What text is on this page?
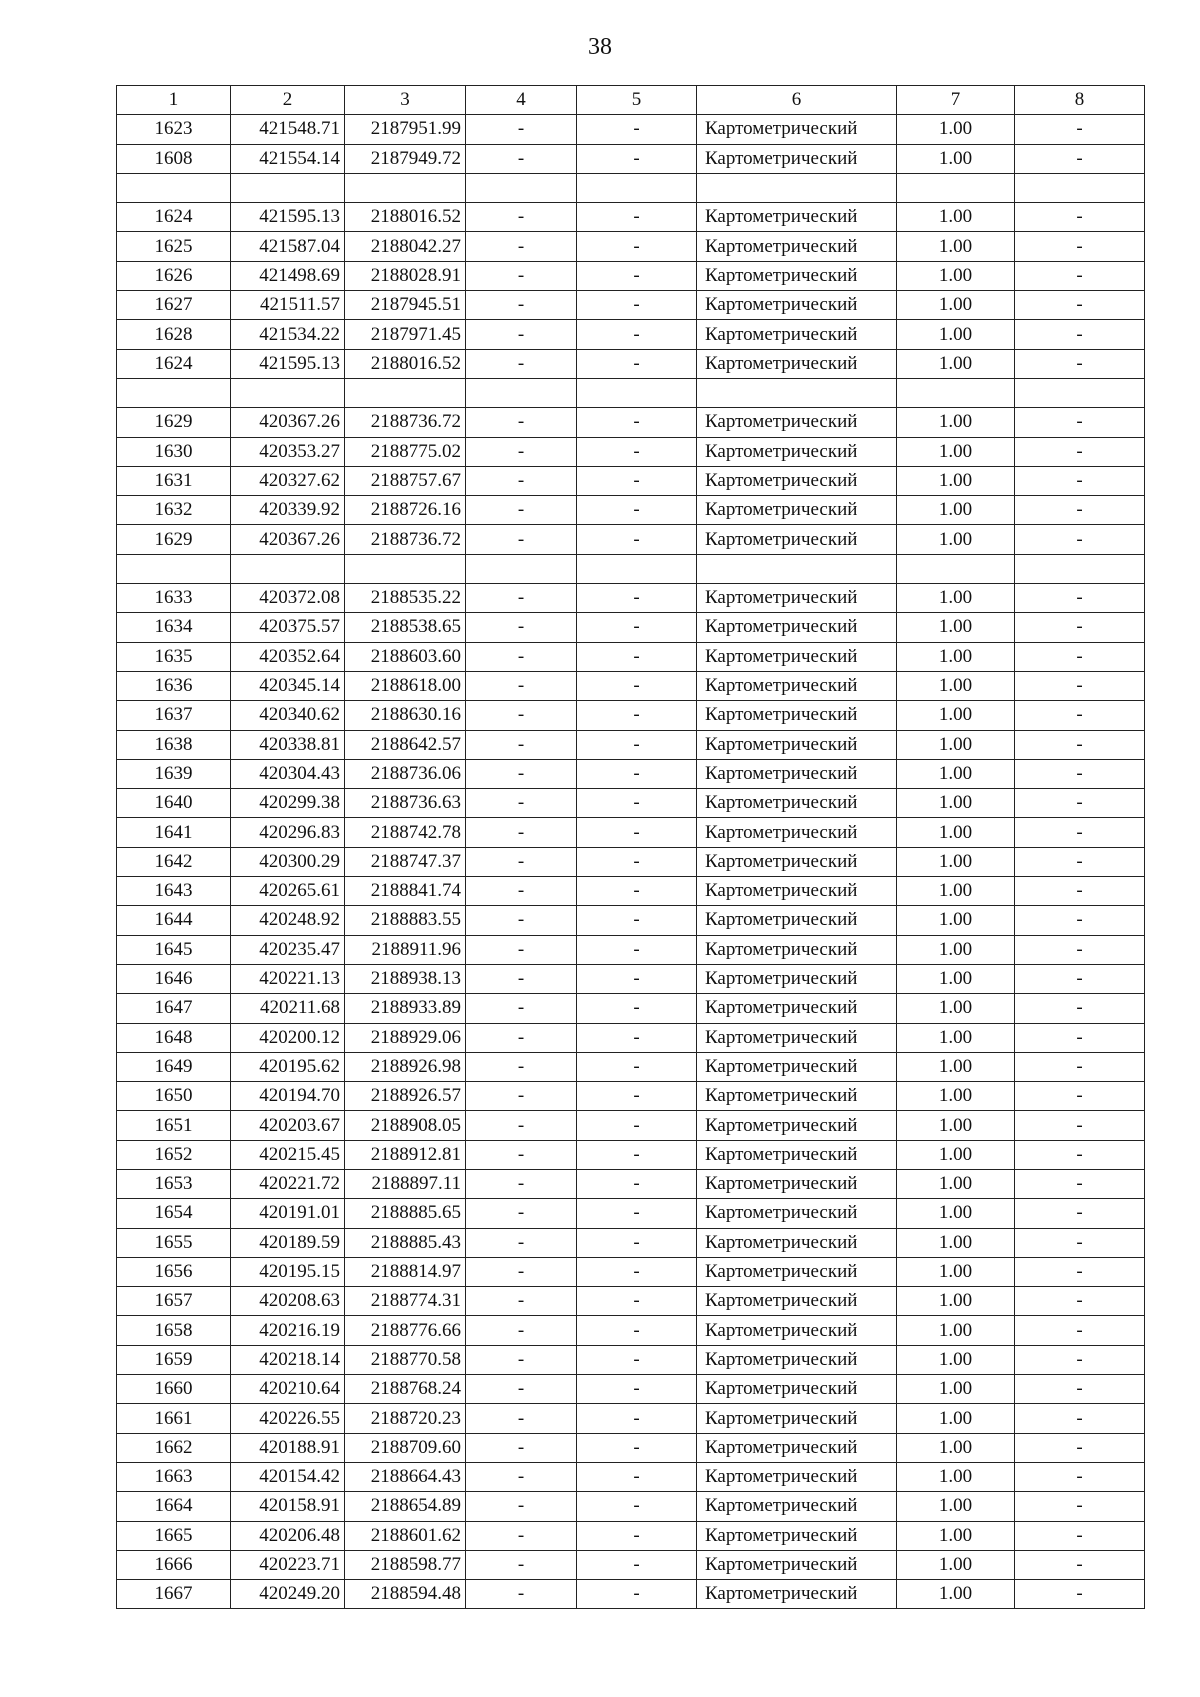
38
1	2	3	4	5	6	7	8
1623	421548.71	2187951.99	-	-	Картометрический	1.00	-
1608	421554.14	2187949.72	-	-	Картометрический	1.00	-

1624	421595.13	2188016.52	-	-	Картометрический	1.00	-
1625	421587.04	2188042.27	-	-	Картометрический	1.00	-
1626	421498.69	2188028.91	-	-	Картометрический	1.00	-
1627	421511.57	2187945.51	-	-	Картометрический	1.00	-
1628	421534.22	2187971.45	-	-	Картометрический	1.00	-
1624	421595.13	2188016.52	-	-	Картометрический	1.00	-

1629	420367.26	2188736.72	-	-	Картометрический	1.00	-
1630	420353.27	2188775.02	-	-	Картометрический	1.00	-
1631	420327.62	2188757.67	-	-	Картометрический	1.00	-
1632	420339.92	2188726.16	-	-	Картометрический	1.00	-
1629	420367.26	2188736.72	-	-	Картометрический	1.00	-

1633	420372.08	2188535.22	-	-	Картометрический	1.00	-
1634	420375.57	2188538.65	-	-	Картометрический	1.00	-
1635	420352.64	2188603.60	-	-	Картометрический	1.00	-
1636	420345.14	2188618.00	-	-	Картометрический	1.00	-
1637	420340.62	2188630.16	-	-	Картометрический	1.00	-
1638	420338.81	2188642.57	-	-	Картометрический	1.00	-
1639	420304.43	2188736.06	-	-	Картометрический	1.00	-
1640	420299.38	2188736.63	-	-	Картометрический	1.00	-
1641	420296.83	2188742.78	-	-	Картометрический	1.00	-
1642	420300.29	2188747.37	-	-	Картометрический	1.00	-
1643	420265.61	2188841.74	-	-	Картометрический	1.00	-
1644	420248.92	2188883.55	-	-	Картометрический	1.00	-
1645	420235.47	2188911.96	-	-	Картометрический	1.00	-
1646	420221.13	2188938.13	-	-	Картометрический	1.00	-
1647	420211.68	2188933.89	-	-	Картометрический	1.00	-
1648	420200.12	2188929.06	-	-	Картометрический	1.00	-
1649	420195.62	2188926.98	-	-	Картометрический	1.00	-
1650	420194.70	2188926.57	-	-	Картометрический	1.00	-
1651	420203.67	2188908.05	-	-	Картометрический	1.00	-
1652	420215.45	2188912.81	-	-	Картометрический	1.00	-
1653	420221.72	2188897.11	-	-	Картометрический	1.00	-
1654	420191.01	2188885.65	-	-	Картометрический	1.00	-
1655	420189.59	2188885.43	-	-	Картометрический	1.00	-
1656	420195.15	2188814.97	-	-	Картометрический	1.00	-
1657	420208.63	2188774.31	-	-	Картометрический	1.00	-
1658	420216.19	2188776.66	-	-	Картометрический	1.00	-
1659	420218.14	2188770.58	-	-	Картометрический	1.00	-
1660	420210.64	2188768.24	-	-	Картометрический	1.00	-
1661	420226.55	2188720.23	-	-	Картометрический	1.00	-
1662	420188.91	2188709.60	-	-	Картометрический	1.00	-
1663	420154.42	2188664.43	-	-	Картометрический	1.00	-
1664	420158.91	2188654.89	-	-	Картометрический	1.00	-
1665	420206.48	2188601.62	-	-	Картометрический	1.00	-
1666	420223.71	2188598.77	-	-	Картометрический	1.00	-
1667	420249.20	2188594.48	-	-	Картометрический	1.00	-
